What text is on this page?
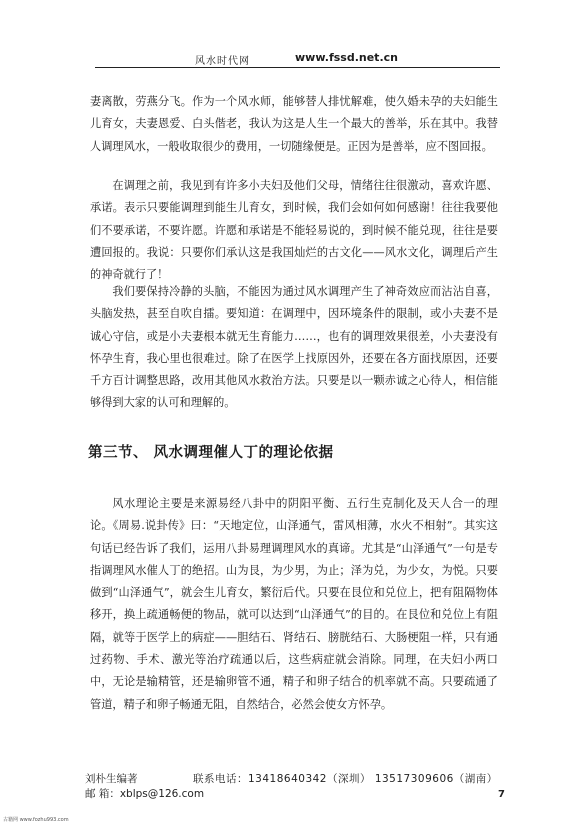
风水时代网	www.fssd.net.cn

妻离散，劳燕分飞。作为一个风水师，能够替人排忧解难，使久婚未孕的夫妇能生儿育女，夫妻恩爱、白头偕老，我认为这是人生一个最大的善举，乐在其中。我替人调理风水，一般收取很少的费用，一切随缘便是。正因为是善举，应不图回报。

在调理之前，我见到有许多小夫妇及他们父母，情绪往往很激动，喜欢许愿、承诺。表示只要能调理到能生儿育女，到时候，我们会如何如何感谢！往往我要他们不要承诺，不要许愿。许愿和承诺是不能轻易说的，到时候不能兑现，往往是要遭回报的。我说：只要你们承认这是我国灿烂的古文化——风水文化，调理后产生的神奇就行了！

我们要保持冷静的头脑，不能因为通过风水调理产生了神奇效应而沾沾自喜，头脑发热，甚至自吹自擂。要知道：在调理中，因环境条件的限制，或小夫妻不是诚心守信，或是小夫妻根本就无生育能力……，也有的调理效果很差，小夫妻没有怀孕生育，我心里也很难过。除了在医学上找原因外，还要在各方面找原因，还要千方百计调整思路，改用其他风水救治方法。只要是以一颗赤诚之心待人，相信能够得到大家的认可和理解的。

第三节、 风水调理催人丁的理论依据

风水理论主要是来源易经八卦中的阴阳平衡、五行生克制化及天人合一的理论。《周易.说卦传》曰：“天地定位，山泽通气，雷风相薄，水火不相射”。其实这句话已经告诉了我们，运用八卦易理调理风水的真谛。尤其是“山泽通气”一句是专指调理风水催人丁的绝招。山为艮，为少男，为止；泽为兑，为少女，为悦。只要做到“山泽通气”，就会生儿育女，繁衍后代。只要在艮位和兑位上，把有阻隔物体移开，换上疏通畅便的物品，就可以达到“山泽通气”的目的。在艮位和兑位上有阻隔，就等于医学上的病症——胆结石、肾结石、膀胱结石、大肠梗阻一样，只有通过药物、手术、激光等治疗疏通以后，这些病症就会消除。同理，在夫妇小两口中，无论是输精管，还是输卵管不通，精子和卵子结合的机率就不高。只要疏通了管道，精子和卵子畅通无阻，自然结合，必然会使女方怀孕。

刘朴生编著	联系电话：13418640342（深圳） 13517309606（湖南）
邮 箱：xblps@126.com	7
古籍网 www.fozhu993.com
